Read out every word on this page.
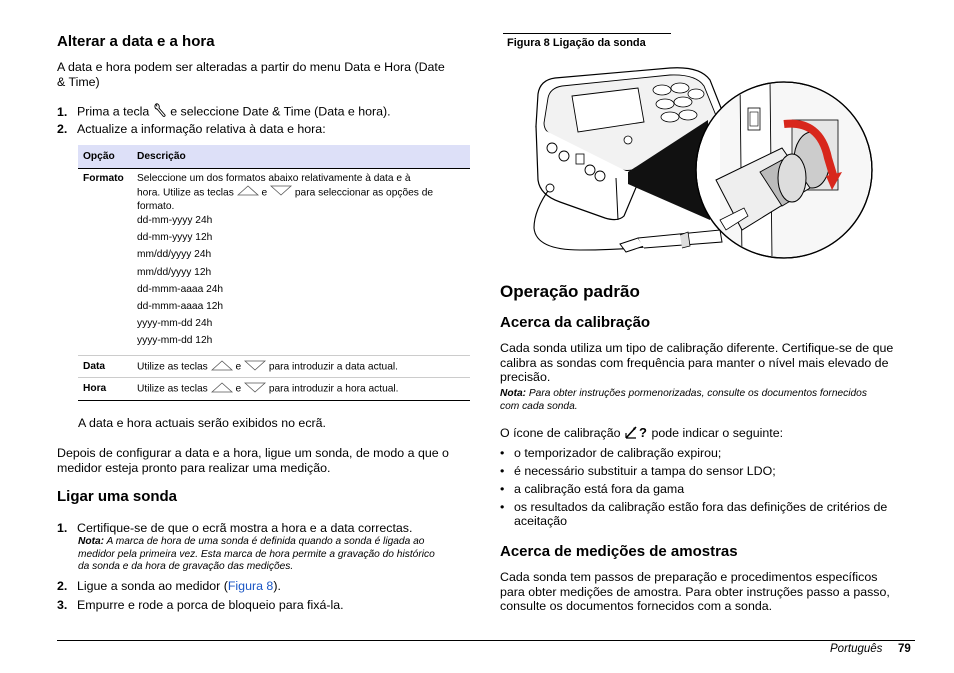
Alterar a data e a hora
A data e hora podem ser alteradas a partir do menu Data e Hora (Date
& Time)
1. Prima a tecla e seleccione Date & Time (Data e hora).
2. Actualize a informação relativa à data e hora:
Opção Descrição
Formato Seleccione um dos formatos abaixo relativamente à data e à
hora. Utilize as teclas	e	para seleccionar as opções de
formato.
dd-mm-yyyy 24h
dd-mm-yyyy 12h
mm/dd/yyyy 24h
mm/dd/yyyy 12h
dd-mmm-aaaa 24h
dd-mmm-aaaa 12h
yyyy-mm-dd 24h
yyyy-mm-dd 12h
Data	Utilize as teclas	e	para introduzir a data actual.
Hora	Utilize as teclas	e	para introduzir a hora actual.
A data e hora actuais serão exibidos no ecrã.
Depois de configurar a data e a hora, ligue um sonda, de modo a que o
medidor esteja pronto para realizar uma medição.
Ligar uma sonda
1. Certifique-se de que o ecrã mostra a hora e a data correctas.
Nota: A marca de hora de uma sonda é definida quando a sonda é ligada ao
medidor pela primeira vez. Esta marca de hora permite a gravação do histórico
da sonda e da hora de gravação das medições.
2. Ligue a sonda ao medidor (Figura 8).
3. Empurre e rode a porca de bloqueio para fixá-la.
Figura 8 Ligação da sonda
Operação padrão
Acerca da calibração
Cada sonda utiliza um tipo de calibração diferente. Certifique-se de que
calibra as sondas com frequência para manter o nível mais elevado de
precisão.
Nota: Para obter instruções pormenorizadas, consulte os documentos fornecidos
com cada sonda.
O ícone de calibração ? pode indicar o seguinte:
• o temporizador de calibração expirou;
• é necessário substituir a tampa do sensor LDO;
• a calibração está fora da gama
• os resultados da calibração estão fora das definições de critérios de
aceitação
Acerca de medições de amostras
Cada sonda tem passos de preparação e procedimentos específicos
para obter medições de amostra. Para obter instruções passo a passo,
consulte os documentos fornecidos com a sonda.
Português 79
